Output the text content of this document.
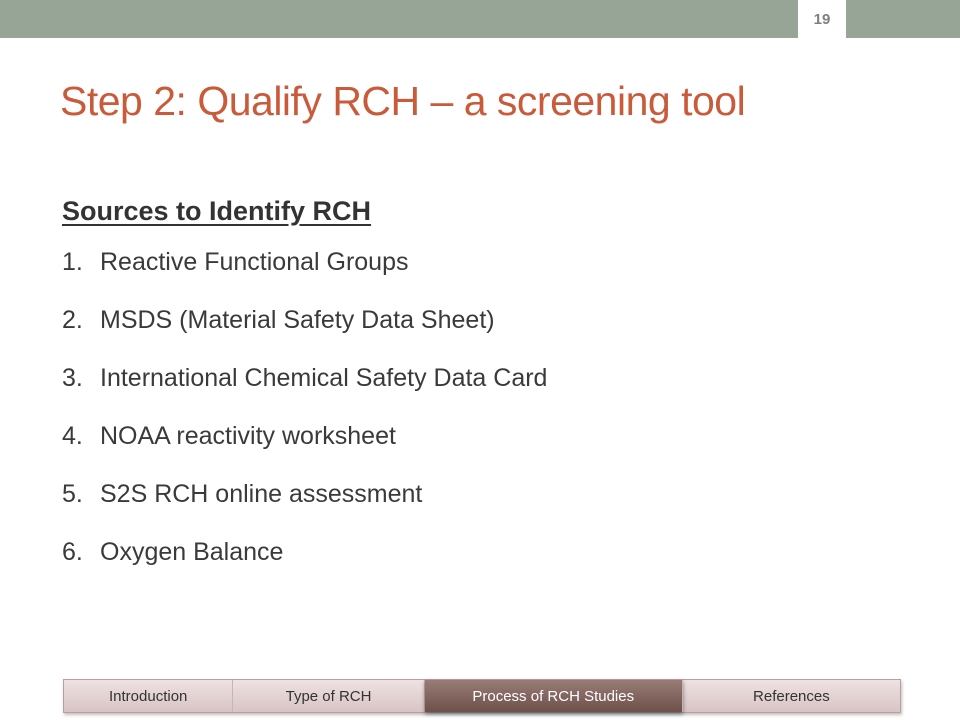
19
Step 2: Qualify RCH – a screening tool
Sources to Identify RCH
1. Reactive Functional Groups
2. MSDS (Material Safety Data Sheet)
3. International Chemical Safety Data Card
4. NOAA reactivity worksheet
5. S2S RCH online assessment
6. Oxygen Balance
Introduction	Type of RCH	Process of RCH Studies	References
